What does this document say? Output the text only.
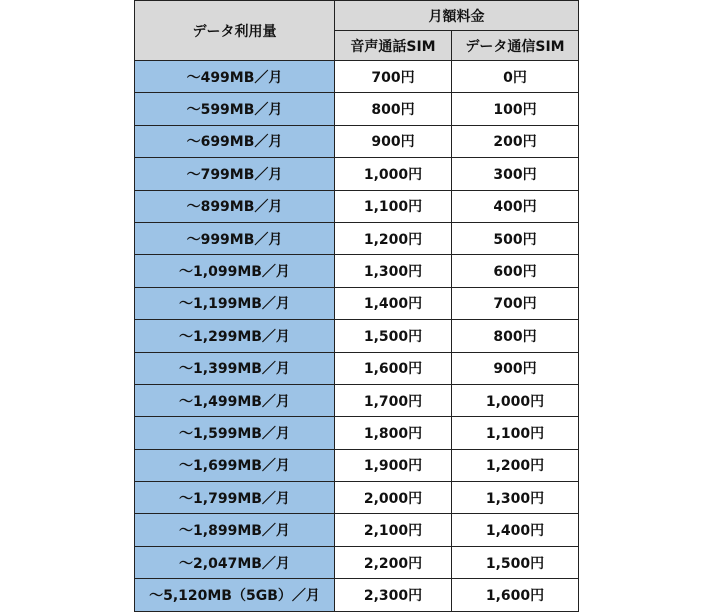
データ利用量	月額料金	
	音声通話SIM	データ通信SIM
～499MB／月	700円	0円
～599MB／月	800円	100円
～699MB／月	900円	200円
～799MB／月	1,000円	300円
～899MB／月	1,100円	400円
～999MB／月	1,200円	500円
～1,099MB／月	1,300円	600円
～1,199MB／月	1,400円	700円
～1,299MB／月	1,500円	800円
～1,399MB／月	1,600円	900円
～1,499MB／月	1,700円	1,000円
～1,599MB／月	1,800円	1,100円
～1,699MB／月	1,900円	1,200円
～1,799MB／月	2,000円	1,300円
～1,899MB／月	2,100円	1,400円
～2,047MB／月	2,200円	1,500円
～5,120MB（5GB）／月	2,300円	1,600円
